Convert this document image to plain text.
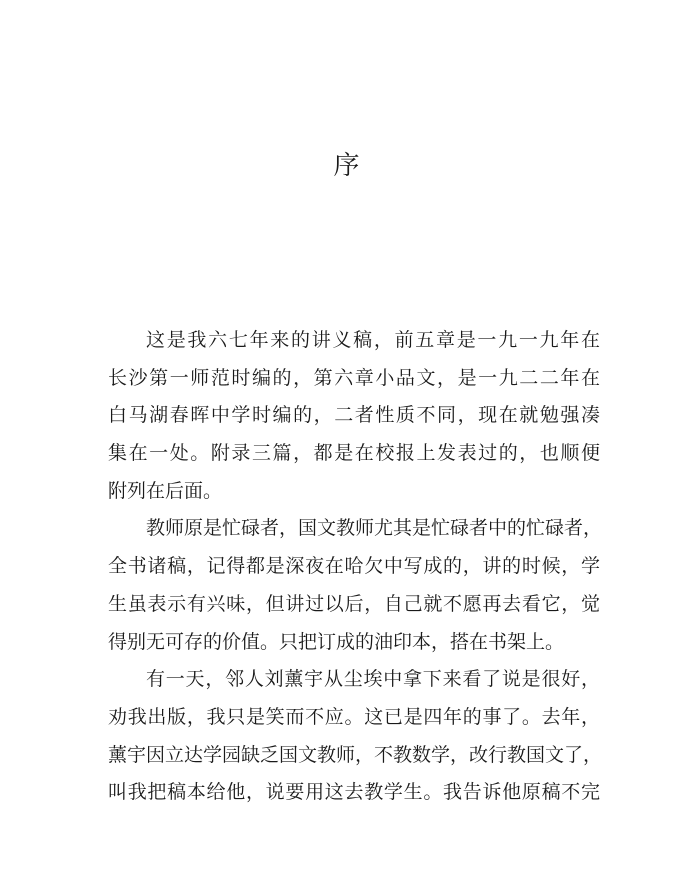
序
这是我六七年来的讲义稿，前五章是一九一九年在
长沙第一师范时编的，第六章小品文，是一九二二年在
白马湖春晖中学时编的，二者性质不同，现在就勉强凑
集在一处。附录三篇，都是在校报上发表过的，也顺便
附列在后面。
教师原是忙碌者，国文教师尤其是忙碌者中的忙碌者，
全书诸稿，记得都是深夜在哈欠中写成的，讲的时候，学
生虽表示有兴味，但讲过以后，自己就不愿再去看它，觉
得别无可存的价值。只把订成的油印本，搭在书架上。
有一天，邻人刘薰宇从尘埃中拿下来看了说是很好，
劝我出版，我只是笑而不应。这已是四年的事了。去年，
薰宇因立达学园缺乏国文教师，不教数学，改行教国文了，
叫我把稿本给他，说要用这去教学生。我告诉他原稿不完
